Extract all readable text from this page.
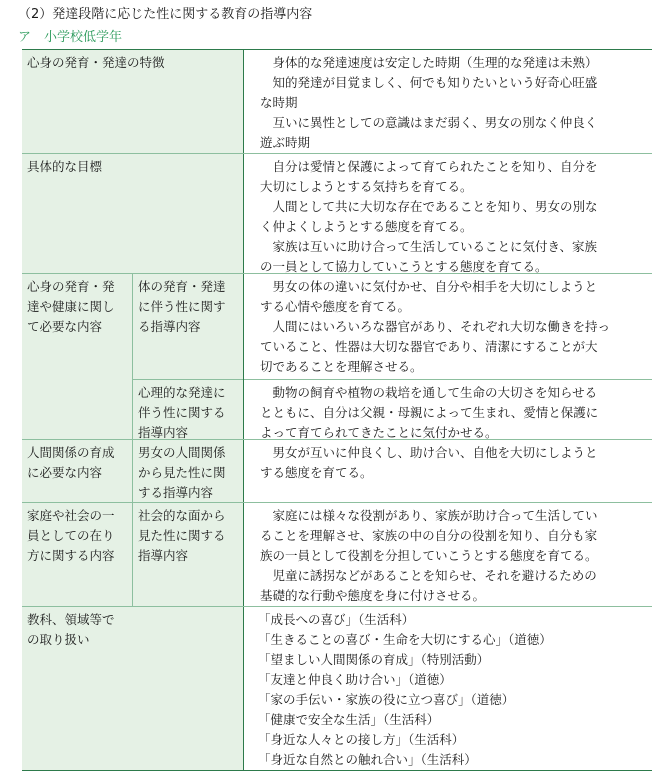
（2）発達段階に応じた性に関する教育の指導内容
ア　小学校低学年
心身の発育・発達の特徴	　身体的な発達速度は安定した時期（生理的な発達は未熟）
　知的発達が目覚ましく、何でも知りたいという好奇心旺盛
な時期
　互いに異性としての意識はまだ弱く、男女の別なく仲良く
遊ぶ時期
具体的な目標	　自分は愛情と保護によって育てられたことを知り、自分を
大切にしようとする気持ちを育てる。
　人間として共に大切な存在であることを知り、男女の別な
く仲よくしようとする態度を育てる。
　家族は互いに助け合って生活していることに気付き、家族
の一員として協力していこうとする態度を育てる。
心身の発育・発
達や健康に関し
て必要な内容
体の発育・発達
に伴う性に関す
る指導内容
心理的な発達に
伴う性に関する
指導内容
　男女の体の違いに気付かせ、自分や相手を大切にしようと
する心情や態度を育てる。
　人間にはいろいろな器官があり、それぞれ大切な働きを持っ
ていること、性器は大切な器官であり、清潔にすることが大
切であることを理解させる。
　動物の飼育や植物の栽培を通して生命の大切さを知らせる
とともに、自分は父親・母親によって生まれ、愛情と保護に
よって育てられてきたことに気付かせる。
人間関係の育成
に必要な内容
男女の人間関係
から見た性に関
する指導内容
　男女が互いに仲良くし、助け合い、自他を大切にしようと
する態度を育てる。
家庭や社会の一
員としての在り
方に関する内容
社会的な面から
見た性に関する
指導内容
　家庭には様々な役割があり、家族が助け合って生活してい
ることを理解させ、家族の中の自分の役割を知り、自分も家
族の一員として役割を分担していこうとする態度を育てる。
　児童に誘拐などがあることを知らせ、それを避けるための
基礎的な行動や態度を身に付けさせる。
教科、領域等で
の取り扱い
「成長への喜び」（生活科）
「生きることの喜び・生命を大切にする心」（道徳）
「望ましい人間関係の育成」（特別活動）
「友達と仲良く助け合い」（道徳）
「家の手伝い・家族の役に立つ喜び」（道徳）
「健康で安全な生活」（生活科）
「身近な人々との接し方」（生活科）
「身近な自然との触れ合い」（生活科）
